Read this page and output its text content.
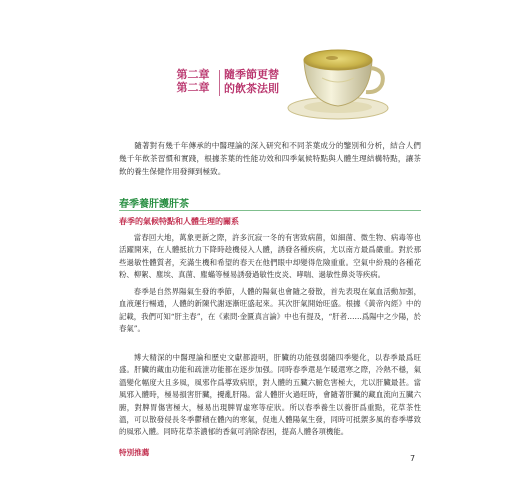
第二章
第二章
隨季節更替
的飲茶法則

隨著對有幾千年傳承的中醫理論的深入研究和不同茶葉成分的鑒別和分析，結合人們幾千年飲茶習慣和實踐，根據茶葉的性能功效和四季氣候特點與人體生理結構特點，讓茶飲的養生保健作用發揮到極致。

春季養肝護肝茶
春季的氣候特點和人體生理的關系

當春回大地，萬象更新之際，許多沉寂一冬的有害致病菌，如細菌、微生物、病毒等也活躍開來，在人體抵抗力下降時趁機侵入人體，誘發各種疾病，尤以南方最爲嚴重。對於那些過敏性體質者，充滿生機和希望的春天在他們眼中却變得危險重重。空氣中紛飛的各種花粉、柳絮、塵埃、真菌、塵蟎等極易誘發過敏性皮炎、哮喘、過敏性鼻炎等疾病。

春季是自然界陽氣生發的季節，人體的陽氣也會隨之發散，首先表現在氣血活動加强，血液運行暢通，人體的新陳代謝逐漸旺盛起來。其次肝氣開始旺盛。根據《黃帝內經》中的記載，我們可知“肝主春”，在《素問·金匱真言論》中也有提及，“肝者……爲陽中之少陽，於春氣”。

博大精深的中醫理論和歷史文獻都證明，肝臟的功能强弱隨四季變化，以春季最爲旺盛。肝臟的藏血功能和疏泄功能都在逐步加强。同時春季還是乍暖還寒之際，冷熱不穩，氣溫變化幅度大且多風，風邪作爲導致病原，對人體的五臟六腑危害極大，尤以肝臟最甚。當風邪入體時，極易損害肝臟，擾亂肝陽。當人體肝火過旺時，會隨著肝臟的藏血流向五臟六腑，對脾胃傷害極大，極易出現脾胃虛寒等症狀。所以春季養生以養肝爲重點，花草茶性溫，可以散發侵長冬季鬱積在體內的寒氣，促進人體陽氣生發，同時可抵禦多風的春季導致的風邪入體。同時花草茶濃郁的香氣可消除春困，提高人體各項機能。

特別推薦
7
